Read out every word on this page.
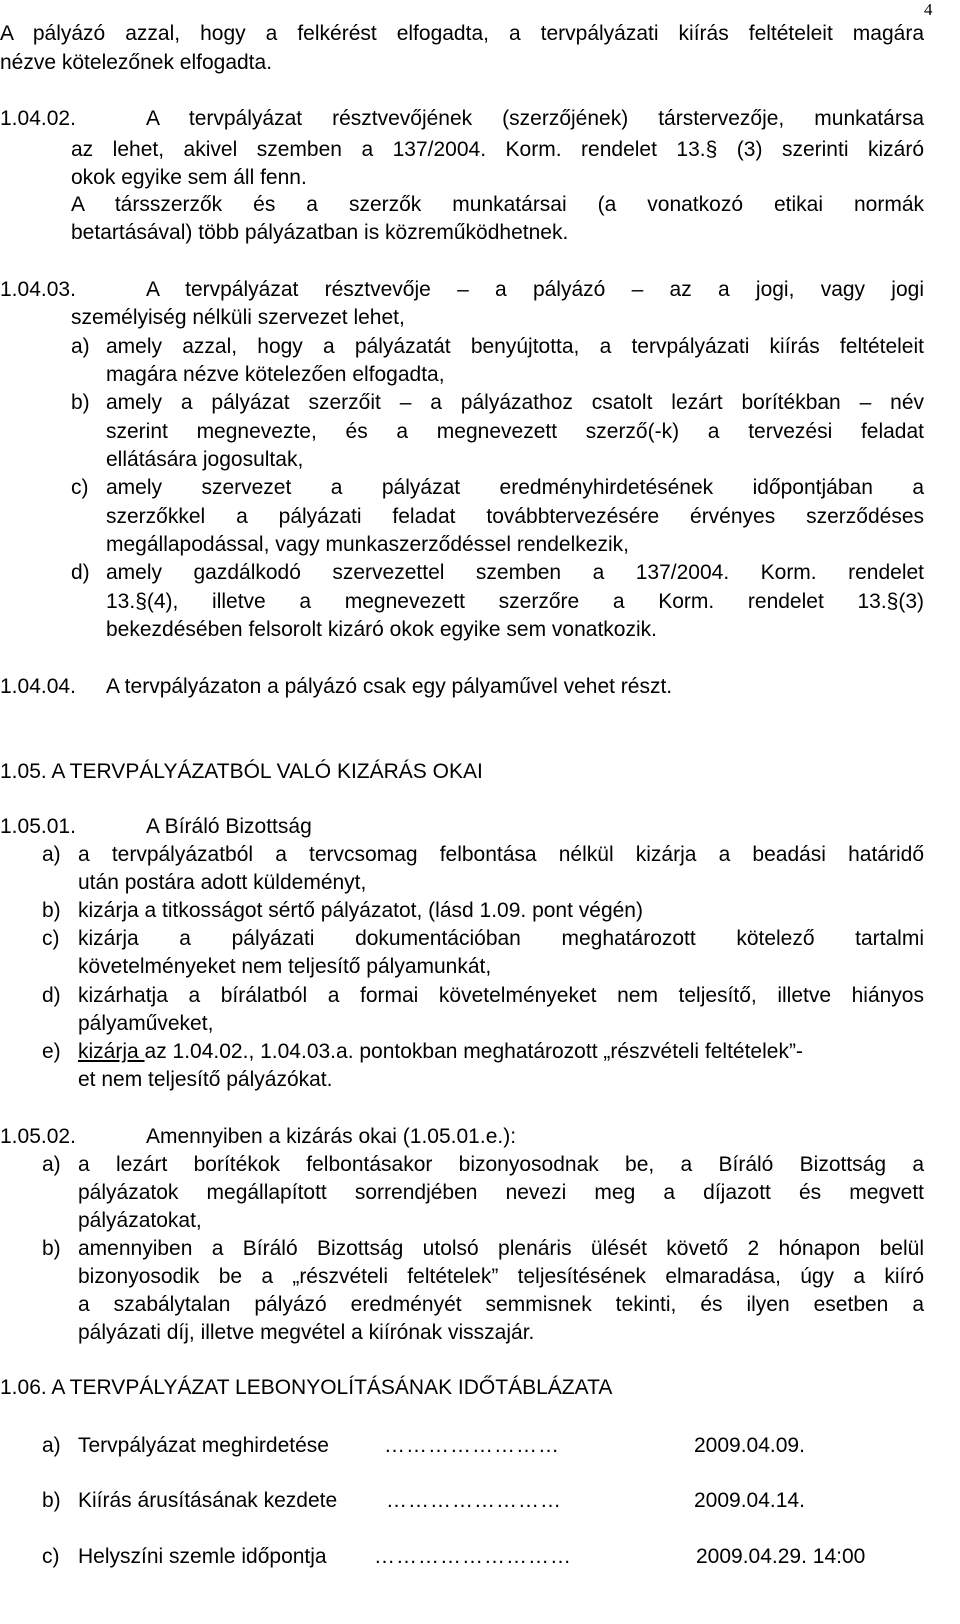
4
A pályázó azzal, hogy a felkérést elfogadta, a tervpályázati kiírás feltételeit magára
nézve kötelezőnek elfogadta.
1.04.02.	A tervpályázat résztvevőjének (szerzőjének) társtervezője, munkatársa
az lehet, akivel szemben a 137/2004. Korm. rendelet 13.§ (3) szerinti kizáró
okok egyike sem áll fenn.
A társszerzők és a szerzők munkatársai (a vonatkozó etikai normák
betartásával) több pályázatban is közreműködhetnek.
1.04.03.	A tervpályázat résztvevője – a pályázó – az a jogi, vagy jogi
személyiség nélküli szervezet lehet,
a) amely azzal, hogy a pályázatát benyújtotta, a tervpályázati kiírás feltételeit
magára nézve kötelezően elfogadta,
b) amely a pályázat szerzőit – a pályázathoz csatolt lezárt borítékban – név
szerint megnevezte, és a megnevezett szerző(-k) a tervezési feladat
ellátására jogosultak,
c) amely szervezet a pályázat eredményhirdetésének időpontjában a
szerzőkkel a pályázati feladat továbbtervezésére érvényes szerződéses
megállapodással, vagy munkaszerződéssel rendelkezik,
d) amely gazdálkodó szervezettel szemben a 137/2004. Korm. rendelet
13.§(4), illetve a megnevezett szerzőre a Korm. rendelet 13.§(3)
bekezdésében felsorolt kizáró okok egyike sem vonatkozik.
1.04.04. A tervpályázaton a pályázó csak egy pályaművel vehet részt.
1.05. A TERVPÁLYÁZATBÓL VALÓ KIZÁRÁS OKAI
1.05.01.	A Bíráló Bizottság
a) a tervpályázatból a tervcsomag felbontása nélkül kizárja a beadási határidő
után postára adott küldeményt,
b) kizárja a titkosságot sértő pályázatot, (lásd 1.09. pont végén)
c) kizárja a pályázati dokumentációban meghatározott kötelező tartalmi
követelményeket nem teljesítő pályamunkát,
d) kizárhatja a bírálatból a formai követelményeket nem teljesítő, illetve hiányos
pályaműveket,
e) kizárja az 1.04.02., 1.04.03.a. pontokban meghatározott „részvételi feltételek”-
et nem teljesítő pályázókat.
1.05.02.	Amennyiben a kizárás okai (1.05.01.e.):
a) a lezárt borítékok felbontásakor bizonyosodnak be, a Bíráló Bizottság a
pályázatok megállapított sorrendjében nevezi meg a díjazott és megvett
pályázatokat,
b) amennyiben a Bíráló Bizottság utolsó plenáris ülését követő 2 hónapon belül
bizonyosodik be a „részvételi feltételek” teljesítésének elmaradása, úgy a kiíró
a szabálytalan pályázó eredményét semmisnek tekinti, és ilyen esetben a
pályázati díj, illetve megvétel a kiírónak visszajár.
1.06. A TERVPÁLYÁZAT LEBONYOLÍTÁSÁNAK IDŐTÁBLÁZATA
a) Tervpályázat meghirdetése	……………………	2009.04.09.
b) Kiírás árusításának kezdete ……………………	2009.04.14.
c) Helyszíni szemle időpontja ………………………	2009.04.29. 14:00
